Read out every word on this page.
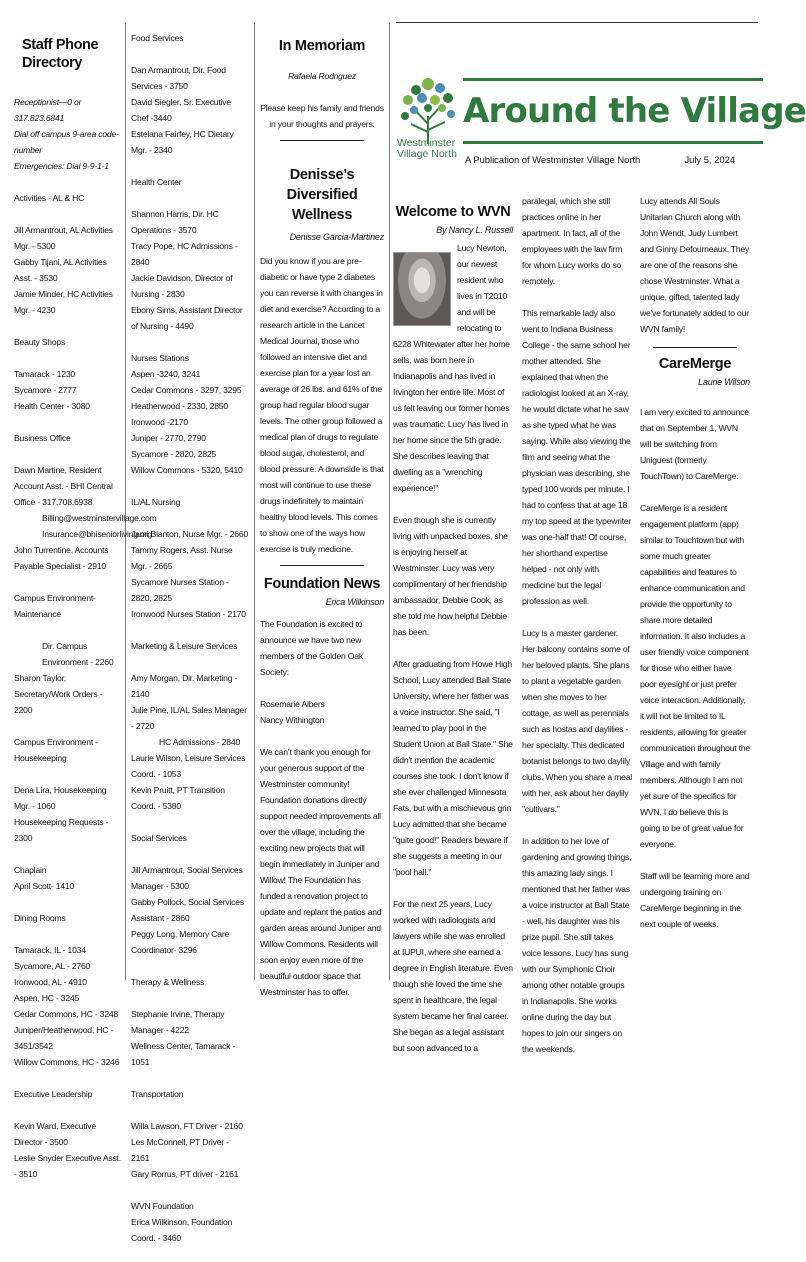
Staff Phone Directory

Receptionist—0 or 317.823.6841

Dial off campus 9-area code-number

Emergencies: Dial 9-9-1-1

Activities - AL & HC

Jill Armantrout, AL Activities Mgr. - 5300

Gabby Tijani, AL Activities Asst. - 3530

Jamie Minder, HC Activities Mgr. - 4230

Beauty Shops

Tamarack - 1230

Sycamore - 2777

Health Center - 3080

Business Office

Dawn Martine, Resident Account Asst. - BHI Central Office - 317.708.6938

Billing@westminstervillage.com

Insurance@bhiseniorliving.org

John Turrentine, Accounts Payable Specialist - 2910

Campus Environment-Maintenance

Dir. Campus Environment - 2260

Sharon Taylor, Secretary/Work Orders - 2200

Campus Environment - Housekeeping

Dena Lira, Housekeeping Mgr. - 1060

Housekeeping Requests - 2300

Chaplain

April Scott- 1410

Dining Rooms

Tamarack, IL - 1034

Sycamore, AL - 2760

Ironwood, AL - 4910

Aspen, HC - 3245

Cedar Commons, HC - 3248

Juniper/Heatherwood, HC - 3451/3542

Willow Commons, HC - 3246

Executive Leadership

Kevin Ward, Executive Director - 3500

Leslie Snyder Executive Asst. - 3510

Food Services

Dan Armantrout, Dir. Food Services - 3750

David Siegler, Sr. Executive Chef -3440

Estelana Fairfey, HC Dietary Mgr. - 2340

Health Center

Shannon Harris, Dir. HC Operations - 3570

Tracy Pope, HC Admissions - 2840

Jackie Davidson, Director of Nursing - 2830

Ebony Sims, Assistant Director of Nursing - 4490

Nurses Stations

Aspen -3240, 3241

Cedar Commons - 3297, 3295

Heatherwood - 2330, 2850

Ironwood -2170

Juniper - 2770, 2790

Sycamore - 2820, 2825

Willow Commons - 5320, 5410

IL/AL Nursing

Jami Blanton, Nurse Mgr. - 2660

Tammy Rogers, Asst. Nurse Mgr. - 2665

Sycamore Nurses Station - 2820, 2825

Ironwood Nurses Station - 2170

Marketing & Leisure Services

Amy Morgan, Dir. Marketing - 2140

Julie Pine, IL/AL Sales Manager - 2720

HC Admissions - 2840

Laurie Wilson, Leisure Services Coord. - 1053

Kevin Pruitt, PT Transition Coord. - 5380

Social Services

Jill Armantrout, Social Services Manager - 5300

Gabby Pollock, Social Services Assistant - 2860

Peggy Long, Memory Care Coordinator- 3296

Therapy & Wellness

Stephanie Irvine, Therapy Manager - 4222

Wellness Center, Tamarack - 1051

Transportation

Willa Lawson, FT Driver - 2160

Les McConnell, PT Driver - 2161

Gary Rorrus, PT driver - 2161

WVN Foundation

Erica Wilkinson, Foundation Coord. - 3460

In Memoriam

Rafaela Rodriguez

Please keep his family and friends in your thoughts and prayers.

Denisse’s Diversified Wellness

Denisse Garcia-Martinez

Did you know if you are pre-diabetic or have type 2 diabetes you can reverse it with changes in diet and exercise? According to a research article in the Lancet Medical Journal, those who followed an intensive diet and exercise plan for a year lost an average of 26 lbs. and 61% of the group had regular blood sugar levels. The other group followed a medical plan of drugs to regulate blood sugar, cholesterol, and blood pressure. A downside is that most will continue to use these drugs indefinitely to maintain healthy blood levels. This comes to show one of the ways how exercise is truly medicine.

Foundation News

Erica Wilkinson

The Foundation is excited to announce we have two new members of the Golden Oak Society:

Rosemarie Albers

Nancy Withington

We can’t thank you enough for your generous support of the Westminster community! Foundation donations directly support needed improvements all over the village, including the exciting new projects that will begin immediately in Juniper and Willow! The Foundation has funded a renovation project to update and replant the patios and garden areas around Juniper and Willow Commons. Residents will soon enjoy even more of the beautiful outdoor space that Westminster has to offer.

Westminster Village North
Around the Village
A Publication of Westminster Village North	July 5, 2024
Welcome to WVN

By Nancy L. Russell

Lucy Newton, our newest resident who lives in T2010 and will be relocating to 6228 Whitewater after her home sells, was born here in Indianapolis and has lived in Irvington her entire life. Most of us felt leaving our former homes was traumatic. Lucy has lived in her home since the 5th grade. She describes leaving that dwelling as a "wrenching experience!"

Even though she is currently living with unpacked boxes, she is enjoying herself at Westminster. Lucy was very complimentary of her friendship ambassador, Debbie Cook, as she told me how helpful Debbie has been.

After graduating from Howe High School, Lucy attended Ball State University, where her father was a voice instructor. She said, "I learned to play pool in the Student Union at Ball State." She didn't mention the academic courses she took. I don't know if she ever challenged Minnesota Fats, but with a mischievous grin Lucy admitted that she became "quite good!" Readers beware if she suggests a meeting in our "pool hall."

For the next 25 years, Lucy worked with radiologists and lawyers while she was enrolled at IUPUI, where she earned a degree in English literature. Even though she loved the time she spent in healthcare, the legal system became her final career. She began as a legal assistant but soon advanced to a

paralegal, which she still practices online in her apartment. In fact, all of the employees with the law firm for whom Lucy works do so remotely.

This remarkable lady also went to Indiana Business College - the same school her mother attended. She explained that when the radiologist looked at an X-ray, he would dictate what he saw as she typed what he was saying. While also viewing the film and seeing what the physician was describing, she typed 100 words per minute. I had to confess that at age 18 my top speed at the typewriter was one-half that! Of course, her shorthand expertise helped - not only with medicine but the legal profession as well.

Lucy is a master gardener. Her balcony contains some of her beloved plants. She plans to plant a vegetable garden when she moves to her cottage, as well as perennials such as hostas and daylilies - her specialty. This dedicated botanist belongs to two daylily clubs. When you share a meal with her, ask about her daylily "cultivars."

In addition to her love of gardening and growing things, this amazing lady sings. I mentioned that her father was a voice instructor at Ball State - well, his daughter was his prize pupil. She still takes voice lessons. Lucy has sung with our Symphonic Choir among other notable groups in Indianapolis. She works online during the day but hopes to join our singers on the weekends.

Lucy attends All Souls Unitarian Church along with John Wendt, Judy Lumbert and Ginny Defourneaux. They are one of the reasons she chose Westminster. What a unique, gifted, talented lady we've fortunately added to our WVN family!

CareMerge

Laurie Wilson

I am very excited to announce that on September 1, WVN will be switching from Uniguest (formerly TouchTown) to CareMerge.

CareMerge is a resident engagement platform (app) similar to Touchtown but with some much greater capabilities and features to enhance communication and provide the opportunity to share more detailed information. It also includes a user friendly voice component for those who either have poor eyesight or just prefer voice interaction. Additionally, it will not be limited to IL residents, allowing for greater communication throughout the Village and with family members. Although I am not yet sure of the specifics for WVN, I do believe this is going to be of great value for everyone.

Staff will be learning more and undergoing training on CareMerge beginning in the next couple of weeks.
